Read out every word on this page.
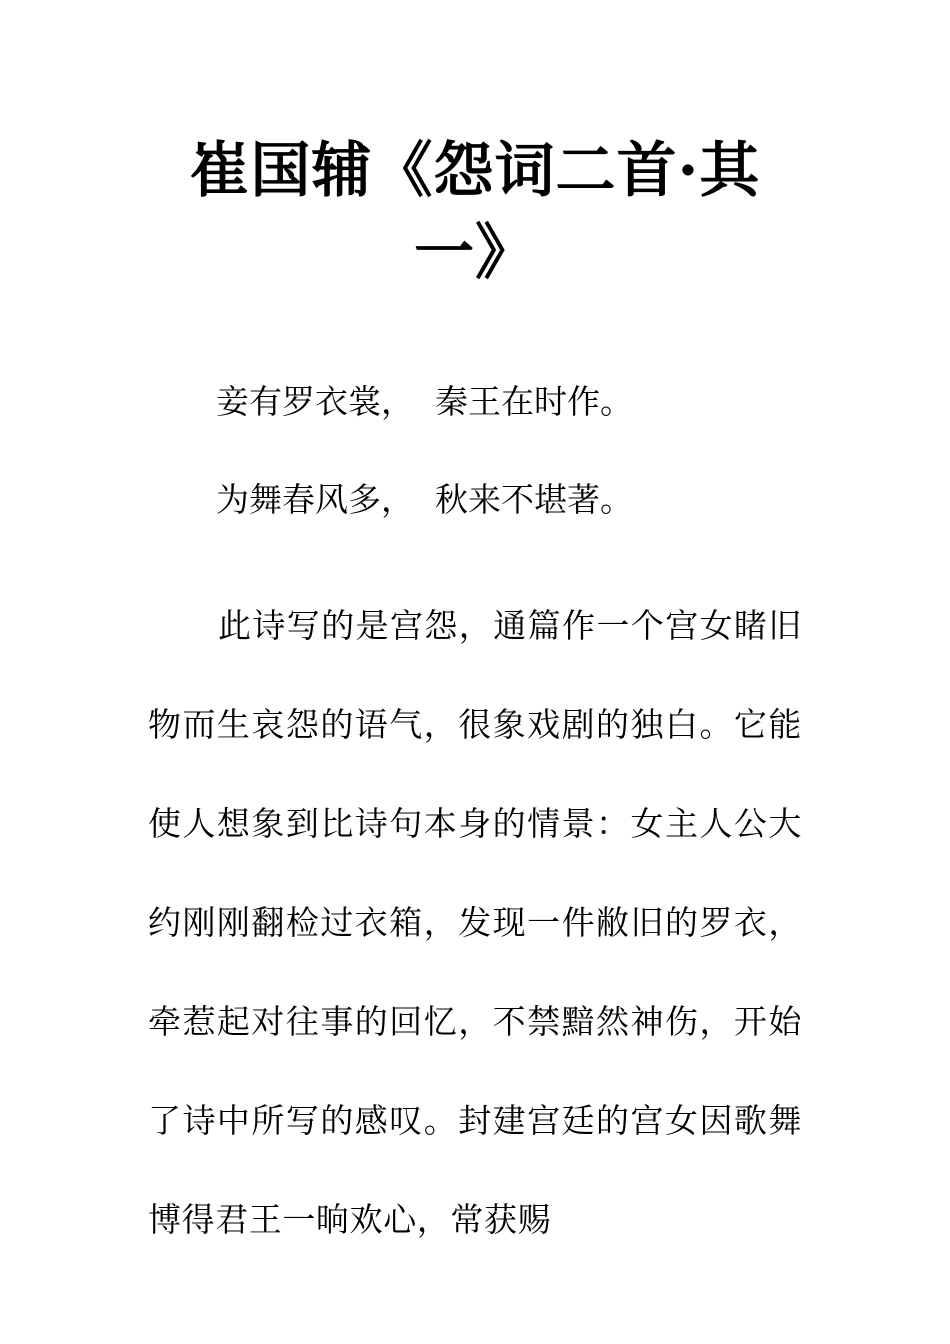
崔国辅《怨词二首·其一》

妾有罗衣裳，  秦王在时作。

为舞春风多，  秋来不堪著。

此诗写的是宫怨，通篇作一个宫女睹旧物而生哀怨的语气，很象戏剧的独白。它能使人想象到比诗句本身的情景：女主人公大约刚刚翻检过衣箱，发现一件敝旧的罗衣，牵惹起对往事的回忆，不禁黯然神伤，开始了诗中所写的感叹。封建宫廷的宫女因歌舞博得君王一晌欢心，常获赐
